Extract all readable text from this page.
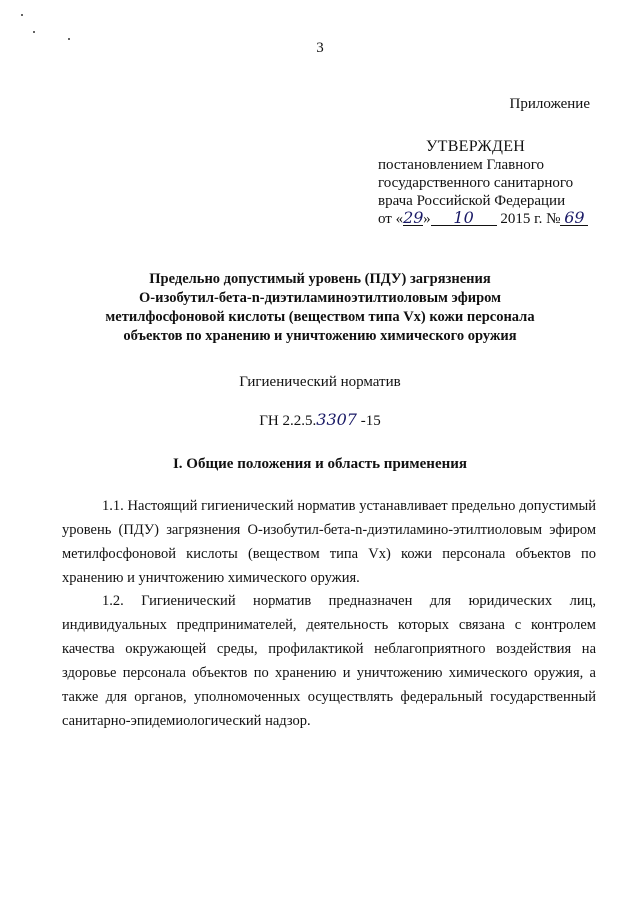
3
Приложение
УТВЕРЖДЕН
постановлением Главного
государственного санитарного
врача Российской Федерации
от «29» 10 2015 г. № 69
Предельно допустимый уровень (ПДУ) загрязнения
О-изобутил-бета-n-диэтиламиноэтилтиоловым эфиром
метилфосфоновой кислоты (веществом типа Vx) кожи персонала
объектов по хранению и уничтожению химического оружия
Гигиенический норматив
ГН 2.2.5.3307 -15
I. Общие положения и область применения
1.1. Настоящий гигиенический норматив устанавливает предельно допустимый уровень (ПДУ) загрязнения О-изобутил-бета-n-диэтиламино-этилтиоловым эфиром метилфосфоновой кислоты (веществом типа Vx) кожи персонала объектов по хранению и уничтожению химического оружия.
1.2. Гигиенический норматив предназначен для юридических лиц, индивидуальных предпринимателей, деятельность которых связана с контролем качества окружающей среды, профилактикой неблагоприятного воздействия на здоровье персонала объектов по хранению и уничтожению химического оружия, а также для органов, уполномоченных осуществлять федеральный государственный санитарно-эпидемиологический надзор.
